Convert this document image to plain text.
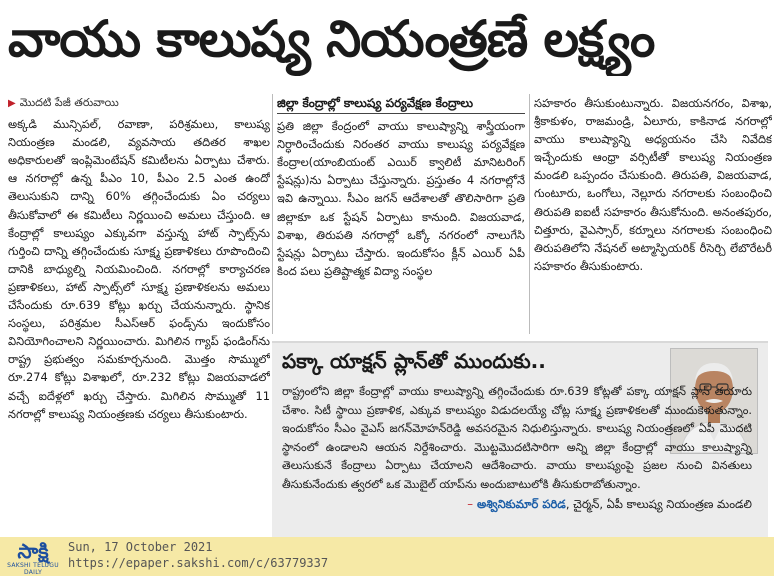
వాయు కాలుష్య నియంత్రణే లక్ష్యం
▶ మొదటి పేజీ తరువాయి

అక్కడి మున్సిపల్, రవాణా, పరిశ్రమలు, కాలుష్య నియంత్రణ మండలి, వ్యవసాయ తదితర శాఖల అధికారులతో ఇంప్లిమెంటేషన్ కమిటీలను ఏర్పాటు చేశారు. ఆ నగరాల్లో ఉన్న పీఎం 10, పీఎం 2.5 ఎంత ఉందో తెలుసుకుని దాన్ని 60% తగ్గించేందుకు ఏం చర్యలు తీసుకోవాలో ఈ కమిటీలు నిర్ణయించి అమలు చేస్తుంది. ఆ కేంద్రాల్లో కాలుష్యం ఎక్కువగా వస్తున్న హాట్ స్పాట్స్‌ను గుర్తించి దాన్ని తగ్గించేందుకు సూక్ష్మ ప్రణాళికలు రూపొందించి దానికి బాధ్యుల్ని నియమించింది. నగరాల్లో కార్యాచరణ ప్రణాళికలు, హాట్ స్పాట్స్‌లో సూక్ష్మ ప్రణాళికలను అమలు చేసేందుకు రూ.639 కోట్లు ఖర్చు చేయనున్నారు. స్థానిక సంస్థలు, పరిశ్రమల సీఎస్ఆర్ ఫండ్స్‌ను ఇందుకోసం వినియోగించాలని నిర్ణయించారు. మిగిలిన గ్యాప్ ఫండింగ్‌ను రాష్ట్ర ప్రభుత్వం సమకూర్చనుంది. మొత్తం సొమ్ములో రూ.274 కోట్లు విశాఖలో, రూ.232 కోట్లు విజయవాడలో వచ్చే ఐదేళ్లలో ఖర్చు చేస్తారు. మిగిలిన సొమ్ముతో 11 నగరాల్లో కాలుష్య నియంత్రణకు చర్యలు తీసుకుంటారు.

జిల్లా కేంద్రాల్లో కాలుష్య పర్యవేక్షణ కేంద్రాలు

ప్రతి జిల్లా కేంద్రంలో వాయు కాలుష్యాన్ని శాస్త్రీయంగా నిర్ధారించేందుకు నిరంతర వాయు కాలుష్య పర్యవేక్షణ కేంద్రాల(యాంబియంట్ ఎయిర్ క్వాలిటీ మానిటరింగ్ స్టేషన్లు)ను ఏర్పాటు చేస్తున్నారు. ప్రస్తుతం 4 నగరాల్లోనే ఇవి ఉన్నాయి. సీఎం జగన్ ఆదేశాలతో తొలిసారిగా ప్రతి జిల్లాకూ ఒక స్టేషన్ ఏర్పాటు కానుంది. విజయవాడ, విశాఖ, తిరుపతి నగరాల్లో ఒక్కో నగరంలో నాలుగేసి స్టేషన్లు ఏర్పాటు చేస్తారు. ఇందుకోసం క్లీన్ ఎయిర్ ఏపీ కింద పలు ప్రతిష్టాత్మక విద్యా సంస్థల

సహకారం తీసుకుంటున్నారు. విజయనగరం, విశాఖ, శ్రీకాకుళం, రాజమండ్రి, ఏలూరు, కాకినాడ నగరాల్లో వాయు కాలుష్యాన్ని అధ్యయనం చేసి నివేదిక ఇచ్చేందుకు ఆంధ్రా వర్సిటీతో కాలుష్య నియంత్రణ మండలి ఒప్పందం చేసుకుంది. తిరుపతి, విజయవాడ, గుంటూరు, ఒంగోలు, నెల్లూరు నగరాలకు సంబంధించి తిరుపతి ఐఐటీ సహకారం తీసుకోనుంది. అనంతపురం, చిత్తూరు, వైఎస్సార్, కర్నూలు నగరాలకు సంబంధించి తిరుపతిలోని నేషనల్ అట్మాస్ఫియరిక్ రీసెర్చి లేబొరేటరీ సహకారం తీసుకుంటారు.

పక్కా యాక్షన్ ప్లాన్‌తో ముందుకు..
రాష్ట్రంలోని జిల్లా కేంద్రాల్లో వాయు కాలుష్యాన్ని తగ్గించేందుకు రూ.639 కోట్లతో పక్కా యాక్షన్ ప్లాన్ తయారు చేశాం. సిటీ స్థాయి ప్రణాళిక, ఎక్కువ కాలుష్యం విడుదలయ్యే చోట్ల సూక్ష్మ ప్రణాళికలతో ముందుకెళుతున్నాం. ఇందుకోసం సీఎం వైఎస్ జగన్‌మోహన్‌రెడ్డి అవసరమైన నిధులిస్తున్నారు. కాలుష్య నియంత్రణలో ఏపీ మొదటి స్థానంలో ఉండాలని ఆయన నిర్దేశించారు. మొట్టమొదటిసారిగా అన్ని జిల్లా కేంద్రాల్లో వాయు కాలుష్యాన్ని తెలుసుకునే కేంద్రాలు ఏర్పాటు చేయాలని ఆదేశించారు. వాయు కాలుష్యంపై ప్రజల నుంచి వినతులు తీసుకునేందుకు త్వరలో ఒక మొబైల్ యాప్‌ను అందుబాటులోకి తీసుకురాబోతున్నాం.
– అశ్వినికుమార్ పరిడ, చైర్మన్, ఏపీ కాలుష్య నియంత్రణ మండలి
సాక్షి
SAKSHI TELUGU DAILY
Sun, 17 October 2021
https://epaper.sakshi.com/c/63779337
